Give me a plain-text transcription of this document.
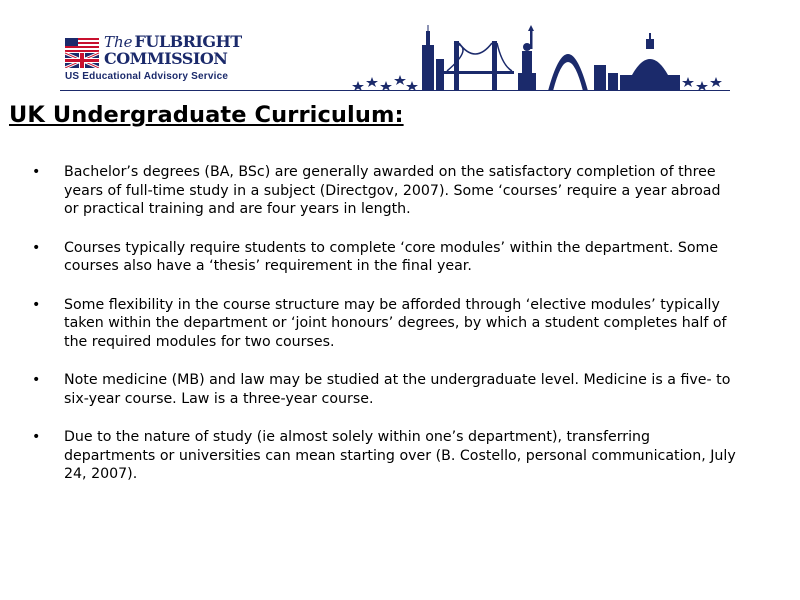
The FULBRIGHT
COMMISSION
US Educational Advisory Service
UK Undergraduate Curriculum:
• Bachelor’s degrees (BA, BSc) are generally awarded on the satisfactory completion of three years of full-time study in a subject (Directgov, 2007). Some ‘courses’ require a year abroad or practical training and are four years in length.
• Courses typically require students to complete ‘core modules’ within the department. Some courses also have a ‘thesis’ requirement in the final year.
• Some flexibility in the course structure may be afforded through ‘elective modules’ typically taken within the department or ‘joint honours’ degrees, by which a student completes half of the required modules for two courses.
• Note medicine (MB) and law may be studied at the undergraduate level. Medicine is a five- to six-year course. Law is a three-year course.
• Due to the nature of study (ie almost solely within one’s department), transferring departments or universities can mean starting over (B. Costello, personal communication, July 24, 2007).
